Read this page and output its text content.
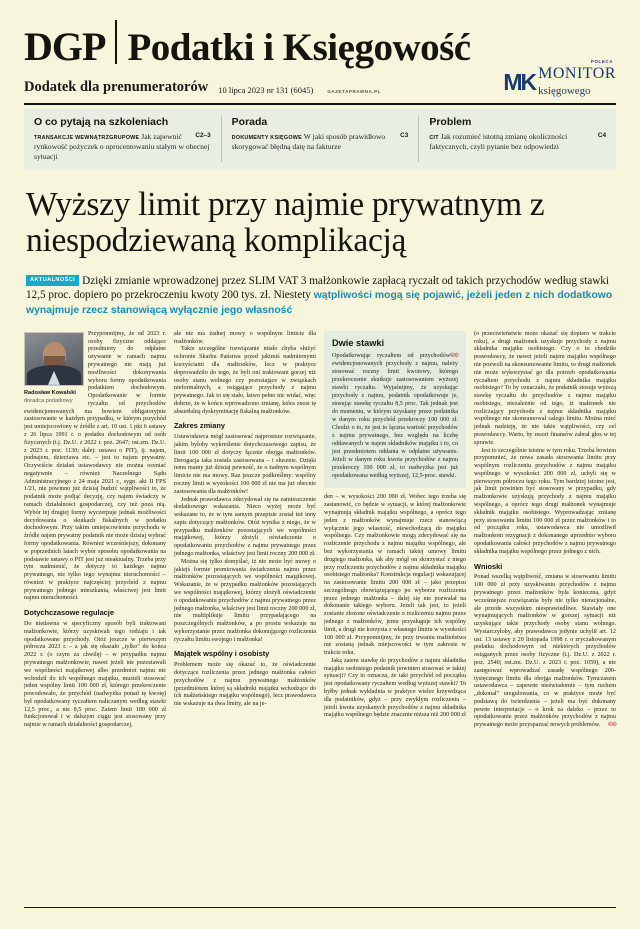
DGP Podatki i Księgowość
Dodatek dla prenumeratorów 10 lipca 2023 nr 131 (6045)	GAZETAPRAWNA.PL
POLECA
MK MONITOR
księgowego
O co pytają na szkoleniach
C2–3
TRANSAKCJE WEWNĄTRZGRUPOWE Jak zapewnić rynkowość pożyczek o oprocentowaniu stałym w obecnej sytuacji
Porada
C3
DOKUMENTY KSIĘGOWE W jaki sposób prawidłowo skorygować błędną datę na fakturze
Problem
C4
CIT Jak rozumieć istotną zmianę okoliczności faktycznych, czyli pytanie bez odpowiedzi
Wyższy limit przy najmie prywatnym z niespodziewaną komplikacją
AKTUALNOŚCI Dzięki zmianie wprowadzonej przez SLIM VAT 3 małżonkowie zapłacą ryczałt od takich przychodów według stawki 12,5 proc. dopiero po przekroczeniu kwoty 200 tys. zł. Niestety wątpliwości mogą się pojawić, jeżeli jeden z nich dodatkowo wynajmuje rzecz stanowiącą wyłącznie jego własność
Radosław Kowalski
doradca podatkowy

Przypomnijmy, że od 2023 r. osoby fizyczne oddające przedmioty do odpłatne używanie w ramach najmu prywatnego nie mają już możliwości dokonywania wyboru formy opodatkowania podatkiem dochodowym. Opodatkowanie w formie ryczałtu od przychodów ewidencjonowanych ma bowiem obligatoryjnie zastosowanie w każdym przypadku, w którym przychód jest umiejscowiony w źródle z art. 10 ust. 1 pkt 6 ustawy z 26 lipca 1991 r. o podatku dochodowym od osób fizycznych (t.j. Dz.U. z 2022 r. poz. 2647; ost.zm. Dz.U. z 2023 r. poz. 1130; dalej: ustawa o PIT), tj. najem, podnajem, dzierżawa etc. – jest to najem prywatny. Oczywiście działań ustawodawcy nie można oceniać negatywnie – również Naczelnego Sądu Administracyjnego z 24 maja 2021 r., sygn. akt II FPS 1/21, nie powinno już dzisiaj budzić wątpliwości to, że podatnik może podjąć decyzję, czy najem świadczy w ramach działalności gospodarczej, czy też poza nią. Wybór tej drugiej formy wyczerpuje jednak możliwości decydowania o skutkach fiskalnych w podatku dochodowym. Przy takim umiejscowieniu przychodu w źródle najem prywatny podatnik nie może dzisiaj wybrać formy opodatkowania. Również wcześniejszy, dokonany w poprzednich latach wybór sposobu opodatkowania na podstawie ustawy o PIT jest już nieaktualny. Trzeba przy tym nadmienić, że dotyczy to każdego najmu prywatnego, nie tylko tego wynajmu nieruchomości – również w praktyce najczęściej przychód z najmu prywatnego jednego mieszkania, właściwej jest limit najmu nieruchomości.

Dotychczasowe regulacje

Do niedawna w specyficzny sposób byli traktowani małżonkowie, którzy uzyskiwali tego rodzaju i tak opodatkowane przychody. Otóż jeszcze w pierwszym półroczu 2023 r. – a jak się okazało „tylko" do końca 2022 r. (o czym za chwilę) – w przypadku najmu prywatnego małżonkowie, nawet jeżeli nie pozostawali we wspólności majątkowej albo przedmiot najmu nie wchodził do ich wspólnego majątku, musieli stosować jeden wspólny limit 100 000 zł, którego przekroczenie powodowało, że przychód (nadwyżka ponad tę kwotę) był opodatkowany ryczałtem naliczanym według stawki 12,5 proc., a nie 8,5 proc. Zatem limit 100 000 zł funkcjonował i w dalszym ciągu jest stosowany przy najmie w ramach działalności gospodarczej,

ale nie ma żadnej mowy o wspólnym limicie dla małżonków.

Takie szczególne rozwiązanie miało chyba służyć ochronie Skarbu Państwa przed jakimiś nadmiernymi korzyściami dla małżonków, lecz w praktyce doprowadziło do tego, że byli oni traktowani gorzej niż osoby stanu wolnego czy pozostające w związkach nieformalnych, a osiągające przychody z najmu prywatnego. Jak to się stało, łatwo pełno nic widać, więc dobrze, że w końcu wprowadzono zmianę, która znosi tę absurdalną dyskryminację fiskalną małżonków.

Zakres zmiany

Ustawodawca mógł zastosować najprostsze rozwiązanie, jakim byłoby wykreślenie dotychczasowego zapisu, że limit 100 000 zł dotyczy łącznie obojga małżonków. Derogacja taka została zastosowana – i słusznie. Dzięki temu mamy już dzisiaj pewność, że o żadnym wspólnym limicie nie ma mowy. Raz jeszcze podkreślmy: wspólny roczny limit w wysokości 100 000 zł nie ma już obecnie zastosowania dla małżonków!

Jednak prawodawca zdecydował się na zamieszczenie dodatkowego wskazania. Nieco wyżej może być wskazane to, że w tym samym przepisie został też inny zapis dotyczący małżonków. Otóż wynika z niego, że w przypadku małżonków pozostających we wspólności majątkowej, którzy złożyli oświadczenie o opodatkowaniu przychodów z najmu prywatnego przez jednego małżonka, właściwy jest limit roczny 200 000 zł.

Można się tylko domyślać, iż nie może być mowy o jakiejś formie premiowania świadczenia najmu przez małżonków pozostających we wspólności majątkowej. Wskazanie, że w przypadku małżonków pozostających we wspólności majątkowej, którzy złożyli oświadczenie o opodatkowaniu przychodów z najmu prywatnego przez jednego małżonka, właściwy jest limit roczny 200 000 zł, nie multiplikuje limitu przypadającego na poszczególnych małżonków, a po prostu wskazuje na wykorzystanie przez małżonka dokonującego rozliczenia ryczałtu limitu swojego i małżonka!

Majątek wspólny i osobisty

Problemem może się okazać to, że oświadczenie dotyczące rozliczenia przez jednego małżonka całości przychodów z najmu prywatnego małżonków (przedmiotem której są składniki majątku wchodzące do ich małżeńskiego majątku wspólnego), lecz prawodawca nie wskazuje na dwa limity, ale na je-

Dwie stawki
©℗
Opodatkowując ryczałtem od przychodów ewidencjonowanych przychody z najmu, należy stosować roczny limit kwotowy, którego przekroczenie skutkuje zastosowaniem wyższej stawki ryczałtu. Wyjaśnijmy, że uzyskując przychody z najmu, podatnik opodatkowuje je, stosując stawkę ryczałtu 8,5 proc. Tak jednak jest do momentu, w którym uzyskany przez podatnika w danym roku przychód przekroczy 100 000 zł. Chodzi o to, że jest to łączna wartość przychodów z najmu prywatnego, bez względu na liczbę oddawanych w najem składników majątku i to, co jest przedmiotem oddania w odpłatne używanie. Jeżeli w danym roku kwota przychodów z najmu przekroczy 100 000 zł, to nadwyżka jest już opodatkowana według wyższej, 12,5-proc. stawki.

den – w wysokości 200 000 zł. Wobec tego trzeba się zastanowić, co będzie w sytuacji, w której małżonkowie wynajmują składnik majątku wspólnego, a oprócz tego jeden z małżonków wynajmuje rzecz stanowiącą wyłącznie jego własność, niewchodzącą do majątku wspólnego. Czy małżonkowie mogą zdecydować się na rozliczenie przychodu z najmu majątku wspólnego, ale bez wykorzystania w ramach takiej umowy limitu drugiego małżonka, tak aby mógł on skorzystać z niego przy rozliczeniu przychodów z najmu składnika majątku osobistego małżonka? Konstrukcja regulacji wskazującej na zastosowanie limitu 200 000 zł – jako przepisu szczególnego obowiązującego po wyborze rozliczenia przez jednego małżonka – dalej się nie pozwalał na dokonanie takiego wyboru. Jeżeli tak jest, to jeżeli zostanie złożone oświadczenie o rozliczeniu najmu przez jednego z małżonków, jemu przysługuje ich wspólny limit, a drugi nie korzysta z własnego limitu w wysokości 100 000 zł. Przypomnijmy, że przy trwaniu małżeństwa nie zostaną jednak miejscowości w tym zakresie w trakcie roku.

Jaką zatem stawkę do przychodów z najmu składnika majątku osobistego podatnik powinien stosować w takiej sytuacji? Czy to oznacza, że taki przychód od początku jest opodatkowany ryczałtem według wyższej stawki? To byłby jednak wykładnia w praktyce wielce krzywdząca dla podatników, gdyż – przy zwykłym rozliczeniu – jeżeli kwota uzyskanych przychodów z najmu składnika majątku wspólnego będzie znacznie niższa niż 200 000 zł

(o przeciwieństwie może okazać się dopiero w trakcie roku), a drugi małżonek uzyskuje przychody z najmu składnika majątku osobistego. Czy o to chodziło prawodawcy, że nawet jeżeli najem majątku wspólnego nie pozwoli na skonsumowanie limitu, to drugi małżonek nie może wykorzystać go dla potrzeb opodatkowania ryczałtem przychodu z najmu składnika majątku osobistego? To by oznaczało, że podatnik stosuje wyższą stawkę ryczałtu do przychodów z najmu majątku osobistego, niezależnie od tego, iż małżonek nie rozliczający przychodu z najmu składnika majątku wspólnego nie skonsumował całego limitu. Można mieć jednak nadzieję, że nie takie wątpliwości, czy cel prawodawcy. Warto, by resort finansów zabrał głos w tej sprawie.

Jest to szczególnie istotne w tym roku. Trzeba bowiem przypomnieć, że nowa zasada stosowania limitu przy wspólnym rozliczeniu przychodów z najmu majątku wspólnego w wysokości 200 000 zł, uchyli się w pierwszym półroczu tego roku. Tym bardziej istotne jest, jak limit powinien być stosowany w przypadku, gdy małżonkowie uzyskują przychody z najmu majątku wspólnego, a oprócz tego drugi małżonek wynajmuje składnik majątku osobistego. Wyprowadzając zmianę przy stosowaniu limitu 100 000 zł przez małżonków i to od początku roku, ustawodawca nie umożliwił małżonkom rezygnacji z dokonanego uprzednio wyboru opodatkowania całości przychodów z najmu prywatnego składnika majątku wspólnego przez jednego z nich.

Wnioski

Ponad wszelką wątpliwość, zmiana w stosowaniu limitu 100 000 zł przy uzyskiwaniu przychodów z najmu prywatnego przez małżonków była konieczna, gdyż wcześniejsze rozwiązania były nie tylko nieracjonalne, ale przede wszystkim niesprawiedliwe. Stawiały one wynajmujących małżonków w gorszej sytuacji niż uzyskujące takie przychody osoby stanu wolnego. Wystarczyłoby, aby prawodawca jedynie uchylił art. 12 ust. 13 ustawy z 20 listopada 1998 r. o zryczałtowanym podatku dochodowym od niektórych przychodów osiąganych przez osoby fizyczne (t.j. Dz.U. z 2022 r. poz. 2540; ost.zm. Dz.U. z 2023 r. poz. 1059), a nie zastępować wprowadzać zasadę wspólnego 200-tysięcznego limitu dla obojga małżonków. Tymczasem ustawodawca – zapewne nieświadomie – tym ruchem „dokonał" uregulowania, co w praktyce może być podstawą do twierdzenia – jeżeli ma być dokonany pewne interpretacje – o krok za daleko – przez to opodatkowanie przez małżonków przychodów z najmu prywatnego może przysparzać nowych problemów. ©℗
